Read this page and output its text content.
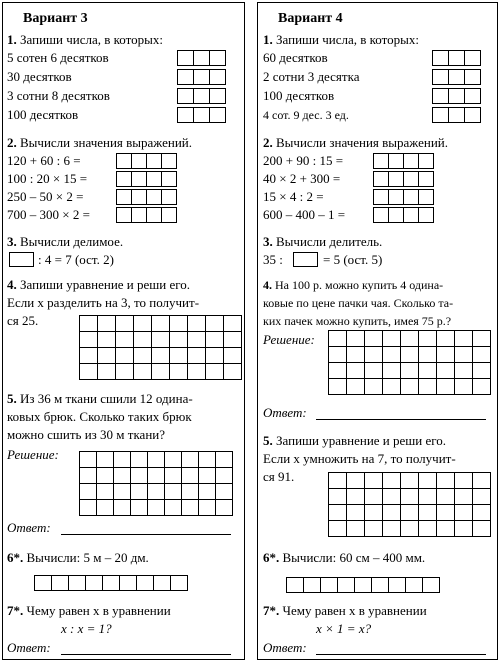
Вариант 3
1. Запиши числа, в которых:
5 сотен 6 десятков
30 десятков
3 сотни 8 десятков
100 десятков

2. Вычисли значения выражений.
120 + 60 : 6 =
100 : 20 × 15 =
250 – 50 × 2 =
700 – 300 × 2 =

3. Вычисли делимое.
: 4 = 7 (ост. 2)
4. Запиши уравнение и реши его.
Если x разделить на 3, то получит-
ся 25.

5. Из 36 м ткани сшили 12 одина-
ковых брюк. Сколько таких брюк
можно сшить из 30 м ткани?
Решение:

Ответ:
6*. Вычисли: 5 м – 20 дм.

7*. Чему равен x в уравнении
x : x = 1?
Ответ:
Вариант 4
1. Запиши числа, в которых:
60 десятков
2 сотни 3 десятка
100 десятков
4 сот. 9 дес. 3 ед.

2. Вычисли значения выражений.
200 + 90 : 15 =
40 × 2 + 300 =
15 × 4 : 2 =
600 – 400 – 1 =

3. Вычисли делитель.
35 :	= 5 (ост. 5)
4. На 100 р. можно купить 4 одина-
ковые по цене пачки чая. Сколько та-
ких пачек можно купить, имея 75 р.?
Решение:

Ответ:
5. Запиши уравнение и реши его.
Если x умножить на 7, то получит-
ся 91.

6*. Вычисли: 60 см – 400 мм.

7*. Чему равен x в уравнении
x × 1 = x?
Ответ:
